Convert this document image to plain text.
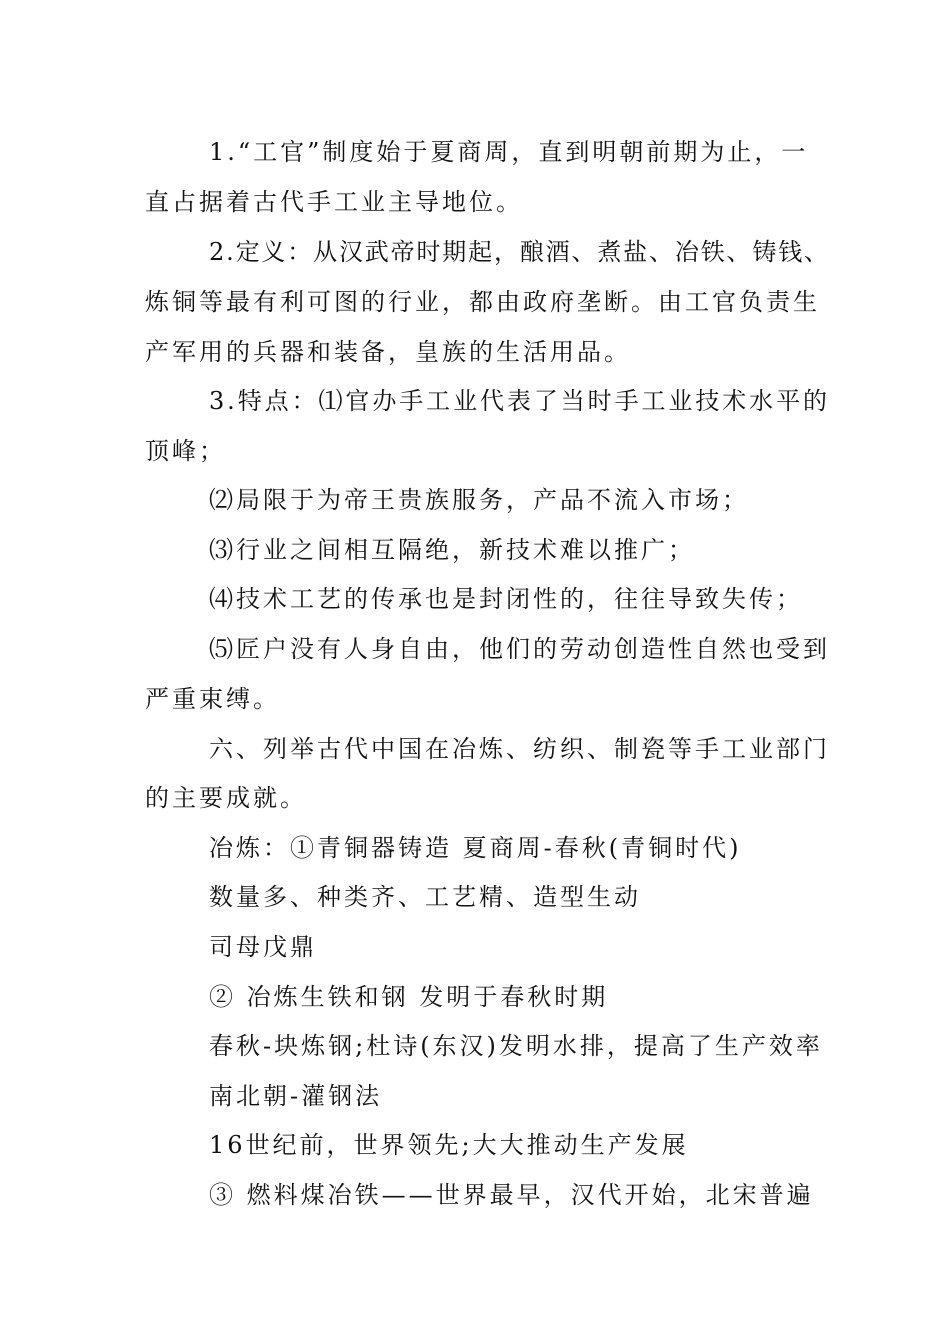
1.“工官”制度始于夏商周，直到明朝前期为止，一
直占据着古代手工业主导地位。
2.定义：从汉武帝时期起，酿酒、煮盐、冶铁、铸钱、
炼铜等最有利可图的行业，都由政府垄断。由工官负责生
产军用的兵器和装备，皇族的生活用品。
3.特点：⑴官办手工业代表了当时手工业技术水平的
顶峰；
⑵局限于为帝王贵族服务，产品不流入市场；
⑶行业之间相互隔绝，新技术难以推广；
⑷技术工艺的传承也是封闭性的，往往导致失传；
⑸匠户没有人身自由，他们的劳动创造性自然也受到
严重束缚。
六、列举古代中国在冶炼、纺织、制瓷等手工业部门
的主要成就。
冶炼：①青铜器铸造 夏商周-春秋(青铜时代)
数量多、种类齐、工艺精、造型生动
司母戊鼎
② 冶炼生铁和钢 发明于春秋时期
春秋-块炼钢;杜诗(东汉)发明水排，提高了生产效率
南北朝-灌钢法
16世纪前，世界领先;大大推动生产发展
③ 燃料煤冶铁——世界最早，汉代开始，北宋普遍
